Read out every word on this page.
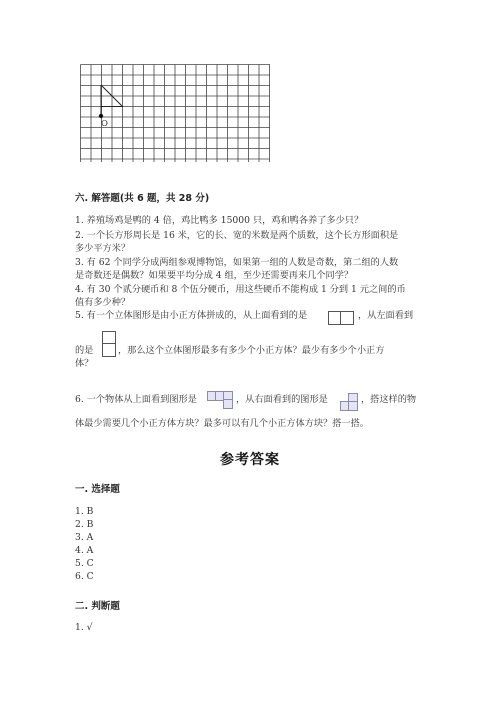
O
六. 解答题(共 6 题，共 28 分)
1. 养殖场鸡是鸭的 4 倍，鸡比鸭多 15000 只，鸡和鸭各养了多少只？
2. 一个长方形周长是 16 米，它的长、宽的米数是两个质数，这个长方形面积是
多少平方米？
3. 有 62 个同学分成两组参观博物馆，如果第一组的人数是奇数，第二组的人数
是奇数还是偶数？如果要平均分成 4 组，至少还需要再来几个同学？
4. 有 30 个贰分硬币和 8 个伍分硬币，用这些硬币不能构成 1 分到 1 元之间的币
值有多少种？
5. 有一个立体图形是由小正方体拼成的，从上面看到的是	，从左面看到
的是	，那么这个立体图形最多有多少个小正方体？最少有多少个小正方
体？
6. 一个物体从上面看到图形是	，从右面看到的图形是	，搭这样的物
体最少需要几个小正方体方块？最多可以有几个小正方体方块？搭一搭。
参考答案
一. 选择题
1. B
2. B
3. A
4. A
5. C
6. C
二. 判断题
1. √
